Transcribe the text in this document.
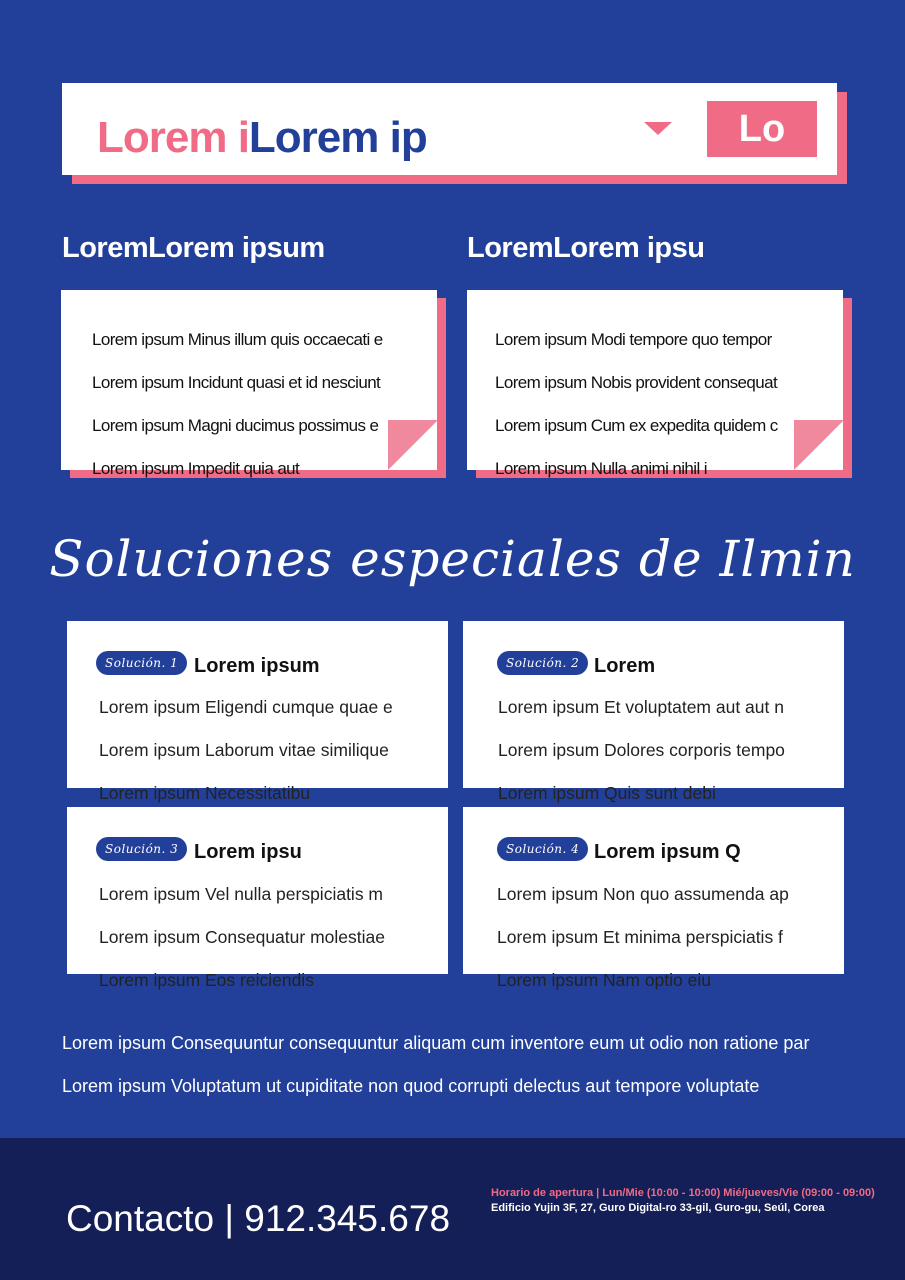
Lorem iLorem ip	Lo
LoremLorem ipsum
Lorem ipsum Minus illum quis occaecati e
Lorem ipsum Incidunt quasi et id nesciunt
Lorem ipsum Magni ducimus possimus e
Lorem ipsum Impedit quia aut
LoremLorem ipsu
Lorem ipsum Modi tempore quo tempor
Lorem ipsum Nobis provident consequat
Lorem ipsum Cum ex expedita quidem c
Lorem ipsum Nulla animi nihil i
Soluciones especiales de Ilmin
Solución. 1 Lorem ipsum
Lorem ipsum Eligendi cumque quae e
Lorem ipsum Laborum vitae similique
Lorem ipsum Necessitatibu
Solución. 2 Lorem
Lorem ipsum Et voluptatem aut aut n
Lorem ipsum Dolores corporis tempo
Lorem ipsum Quis sunt debi
Solución. 3 Lorem ipsu
Lorem ipsum Vel nulla perspiciatis m
Lorem ipsum Consequatur molestiae
Lorem ipsum Eos reiciendis
Solución. 4 Lorem ipsum Q
Lorem ipsum Non quo assumenda ap
Lorem ipsum Et minima perspiciatis f
Lorem ipsum Nam optio eiu
Lorem ipsum Consequuntur consequuntur aliquam cum inventore eum ut odio non ratione par
Lorem ipsum Voluptatum ut cupiditate non quod corrupti delectus aut tempore voluptate
Contacto | 912.345.678
Horario de apertura | Lun/Mie (10:00 - 10:00) Mié/jueves/Vie (09:00 - 09:00)
Edificio Yujin 3F, 27, Guro Digital-ro 33-gil, Guro-gu, Seúl, Corea
